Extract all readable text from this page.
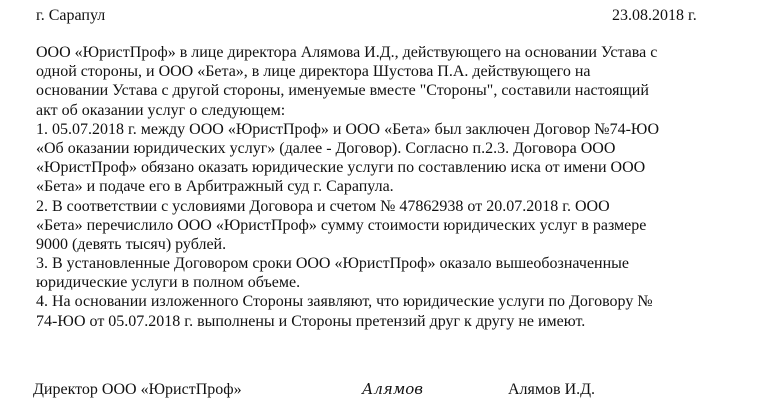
г. Сарапул	23.08.2018 г.
ООО «ЮристПроф» в лице директора Алямова И.Д., действующего на основании Устава с
одной стороны, и ООО «Бета», в лице директора Шустова П.А. действующего на
основании Устава с другой стороны, именуемые вместе "Стороны", составили настоящий
акт об оказании услуг о следующем:
1. 05.07.2018 г. между ООО «ЮристПроф» и ООО «Бета» был заключен Договор №74-ЮО
«Об оказании юридических услуг» (далее - Договор). Согласно п.2.3. Договора ООО
«ЮристПроф» обязано оказать юридические услуги по составлению иска от имени ООО
«Бета» и подаче его в Арбитражный суд г. Сарапула.
2. В соответствии с условиями Договора и счетом № 47862938 от 20.07.2018 г. ООО
«Бета» перечислило ООО «ЮристПроф» сумму стоимости юридических услуг в размере
9000 (девять тысяч) рублей.
3. В установленные Договором сроки ООО «ЮристПроф» оказало вышеобозначенные
юридические услуги в полном объеме.
4. На основании изложенного Стороны заявляют, что юридические услуги по Договору №
74-ЮО от 05.07.2018 г. выполнены и Стороны претензий друг к другу не имеют.
Директор ООО «ЮристПроф»	Алямов	Алямов И.Д.
